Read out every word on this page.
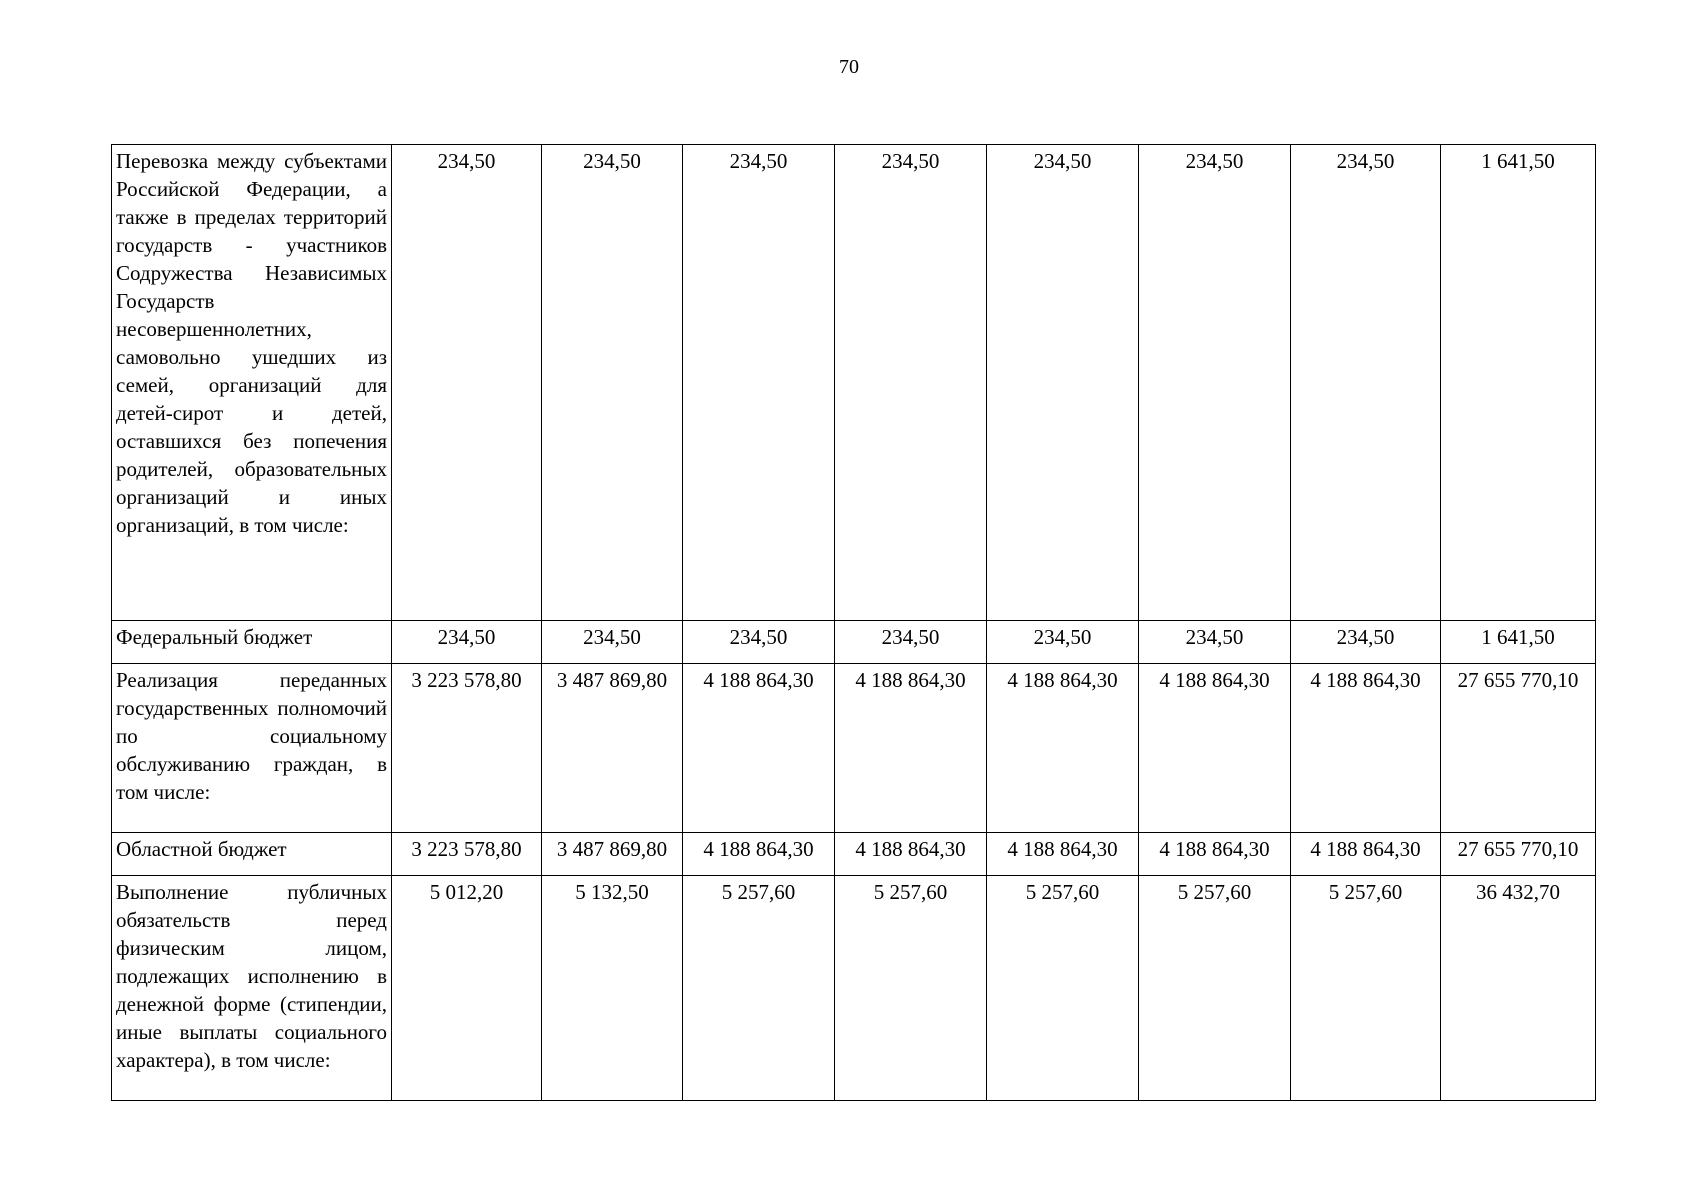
70
Перевозка между субъектами Российской Федерации, а также в пределах территорий государств - участников Содружества Независимых Государств несовершеннолетних, самовольно ушедших из семей, организаций для детей-сирот и детей, оставшихся без попечения родителей, образовательных организаций и иных организаций, в том числе:	234,50	234,50	234,50	234,50	234,50	234,50	234,50	1 641,50
Федеральный бюджет	234,50	234,50	234,50	234,50	234,50	234,50	234,50	1 641,50
Реализация переданных государственных полномочий по социальному обслуживанию граждан, в том числе:	3 223 578,80	3 487 869,80	4 188 864,30	4 188 864,30	4 188 864,30	4 188 864,30	4 188 864,30	27 655 770,10
Областной бюджет	3 223 578,80	3 487 869,80	4 188 864,30	4 188 864,30	4 188 864,30	4 188 864,30	4 188 864,30	27 655 770,10
Выполнение публичных обязательств перед физическим лицом, подлежащих исполнению в денежной форме (стипендии, иные выплаты социального характера), в том числе:	5 012,20	5 132,50	5 257,60	5 257,60	5 257,60	5 257,60	5 257,60	36 432,70
